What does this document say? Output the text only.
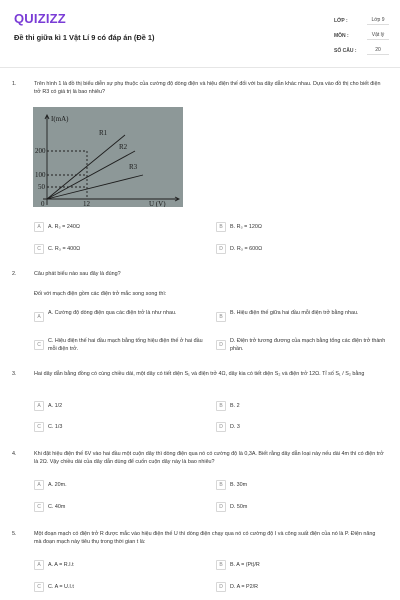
QUIZIZZ
Đề thi giữa kì 1 Vật Lí 9 có đáp án (Đề 1)
LỚP :	Lớp 9
MÔN :	Vật lý
SỐ CÂU :	20
1.	Trên hình 1 là đồ thị biểu diễn sự phụ thuộc của cường độ dòng điện và hiệu điện thế đối với ba dây dẫn khác nhau. Dựa vào đồ thị cho biết điện trở R3 có giá trị là bao nhiêu?
I(mA)
U (V)
200
100
50
0	12
R1
R2
R3
A	A. R₃ = 240Ω	B	B. R₃ = 120Ω
C	C. R₃ = 400Ω	D	D. R₃ = 600Ω
2.	Câu phát biểu nào sau đây là đúng?
Đối với mạch điện gồm các điện trở mắc song song thì:
A
A. Cường độ dòng điện qua các điện trở là như nhau.
B
B. Hiệu điện thế giữa hai đầu mỗi điện trở bằng nhau.
C
C. Hiệu điện thế hai đầu mạch bằng tổng hiệu điện thế ở hai đầu mỗi điện trở.
D
D. Điện trở tương đương của mạch bằng tổng các điện trở thành phần.
3.	Hai dây dẫn bằng đồng có cùng chiều dài, một dây có tiết diện S₁ và điện trở 4Ω, dây kia có tiết diện S₂ và điện trở 12Ω. Tỉ số S₁ / S₂ bằng
A	A. 1/2	B	B. 2
C	C. 1/3	D	D. 3
4.	Khi đặt hiệu điện thế 6V vào hai đầu một cuộn dây thì dòng điện qua nó có cường độ là 0,3A. Biết rằng dây dẫn loại này nếu dài 4m thì có điện trở là 2Ω. Vậy chiều dài của dây dẫn dùng để cuốn cuộn dây này là bao nhiêu?
A	A. 20m.	B	B. 30m
C	C. 40m	D	D. 50m
5.	Một đoạn mạch có điện trở R được mắc vào hiệu điện thế U thì dòng điện chạy qua nó có cường độ I và công suất điện của nó là P. Điện năng mà đoạn mạch này tiêu thụ trong thời gian t là:
A	A. A = R.I.t	B	B. A = (Pt)/R
C	C. A = U.I.t	D	D. A = P2/R
